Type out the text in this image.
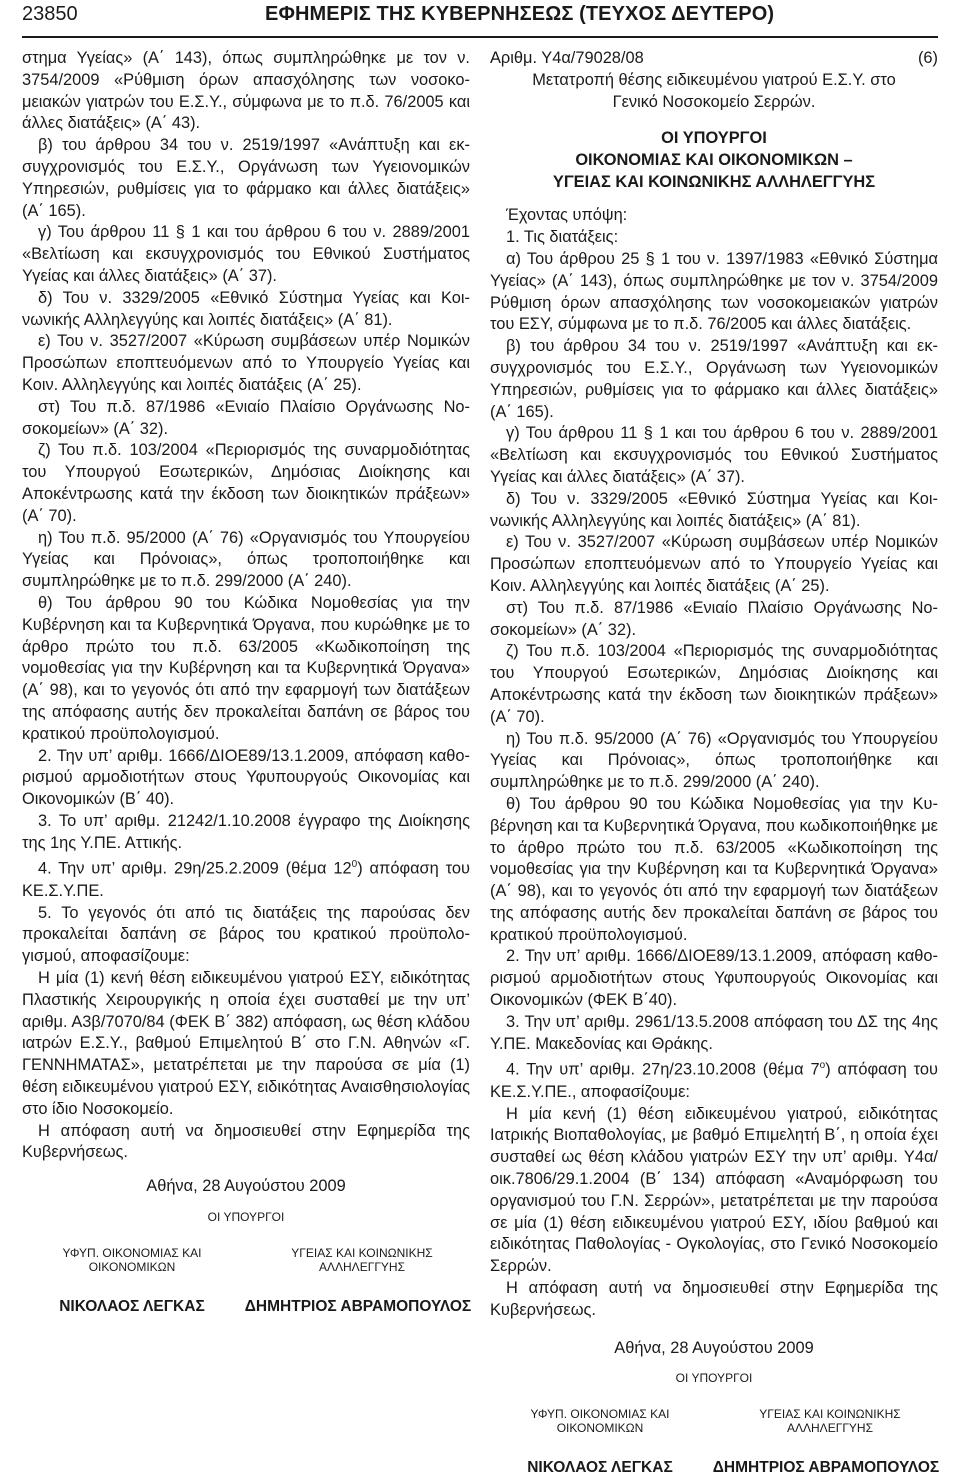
23850	ΕΦΗΜΕΡΙΣ ΤΗΣ ΚΥΒΕΡΝΗΣΕΩΣ (ΤΕΥΧΟΣ ΔΕΥΤΕΡΟ)

στημα Υγείας» (Α΄ 143), όπως συμπληρώθηκε με τον ν. 3754/2009 «Ρύθμιση όρων απασχόλησης των νοσοκομειακών γιατρών του Ε.Σ.Υ., σύμφωνα με το π.δ. 76/2005 και άλλες διατάξεις» (Α΄ 43).

β) του άρθρου 34 του ν. 2519/1997 «Ανάπτυξη και εκσυγχρονισμός του Ε.Σ.Υ., Οργάνωση των Υγειονομικών Υπηρεσιών, ρυθμίσεις για το φάρμακο και άλλες διατάξεις» (Α΄ 165).

γ) Του άρθρου 11 § 1 και του άρθρου 6 του ν. 2889/2001 «Βελτίωση και εκσυγχρονισμός του Εθνικού Συστήματος Υγείας και άλλες διατάξεις» (Α΄ 37).

δ) Του ν. 3329/2005 «Εθνικό Σύστημα Υγείας και Κοινωνικής Αλληλεγγύης και λοιπές διατάξεις» (Α΄ 81).

ε) Του ν. 3527/2007 «Κύρωση συμβάσεων υπέρ Νομικών Προσώπων εποπτευόμενων από το Υπουργείο Υγείας και Κοιν. Αλληλεγγύης και λοιπές διατάξεις (Α΄ 25).

στ) Του π.δ. 87/1986 «Ενιαίο Πλαίσιο Οργάνωσης Νοσοκομείων» (Α΄ 32).

ζ) Του π.δ. 103/2004 «Περιορισμός της συναρμοδιότητας του Υπουργού Εσωτερικών, Δημόσιας Διοίκησης και Αποκέντρωσης κατά την έκδοση των διοικητικών πράξεων» (Α΄ 70).

η) Του π.δ. 95/2000 (Α΄ 76) «Οργανισμός του Υπουργείου Υγείας και Πρόνοιας», όπως τροποποιήθηκε και συμπληρώθηκε με το π.δ. 299/2000 (Α΄ 240).

θ) Του άρθρου 90 του Κώδικα Νομοθεσίας για την Κυβέρνηση και τα Κυβερνητικά Όργανα, που κυρώθηκε με το άρθρο πρώτο του π.δ. 63/2005 «Κωδικοποίηση της νομοθεσίας για την Κυβέρνηση και τα Κυβερνητικά Όργανα» (Α΄ 98), και το γεγονός ότι από την εφαρμογή των διατάξεων της απόφασης αυτής δεν προκαλείται δαπάνη σε βάρος του κρατικού προϋπολογισμού.

2. Την υπ’ αριθμ. 1666/ΔΙΟΕ89/13.1.2009, απόφαση καθορισμού αρμοδιοτήτων στους Υφυπουργούς Οικονομίας και Οικονομικών (Β΄ 40).

3. Το υπ’ αριθμ. 21242/1.10.2008 έγγραφο της Διοίκησης της 1ης Υ.ΠΕ. Αττικής.

4. Την υπ’ αριθμ. 29η/25.2.2009 (θέμα $12^0$) απόφαση του ΚΕ.Σ.Υ.ΠΕ.

5. Το γεγονός ότι από τις διατάξεις της παρούσας δεν προκαλείται δαπάνη σε βάρος του κρατικού προϋπολογισμού, αποφασίζουμε:

Η μία (1) κενή θέση ειδικευμένου γιατρού ΕΣΥ, ειδικότητας Πλαστικής Χειρουργικής η οποία έχει συσταθεί με την υπ’ αριθμ. Α3β/7070/84 (ΦΕΚ Β΄ 382) απόφαση, ως θέση κλάδου ιατρών Ε.Σ.Υ., βαθμού Επιμελητού Β΄ στο Γ.Ν. Αθηνών «Γ. ΓΕΝΝΗΜΑΤΑΣ», μετατρέπεται με την παρούσα σε μία (1) θέση ειδικευμένου γιατρού ΕΣΥ, ειδικότητας Αναισθησιολογίας στο ίδιο Νοσοκομείο.

Η απόφαση αυτή να δημοσιευθεί στην Εφημερίδα της Κυβερνήσεως.

Αθήνα, 28 Αυγούστου 2009

ΟΙ ΥΠΟΥΡΓΟΙ
ΥΦΥΠ. ΟΙΚΟΝΟΜΙΑΣ ΚΑΙ
ΟΙΚΟΝΟΜΙΚΩΝ
ΥΓΕΙΑΣ ΚΑΙ ΚΟΙΝΩΝΙΚΗΣ
ΑΛΛΗΛΕΓΓΥΗΣ
ΝΙΚΟΛΑΟΣ ΛΕΓΚΑΣ	ΔΗΜΗΤΡΙΟΣ ΑΒΡΑΜΟΠΟΥΛΟΣ
Αριθμ. Υ4α/79028/08	(6)

Μετατροπή θέσης ειδικευμένου γιατρού Ε.Σ.Υ. στο Γενικό Νοσοκομείο Σερρών.

ΟΙ ΥΠΟΥΡΓΟΙ
ΟΙΚΟΝΟΜΙΑΣ ΚΑΙ ΟΙΚΟΝΟΜΙΚΩΝ –
ΥΓΕΙΑΣ ΚΑΙ ΚΟΙΝΩΝΙΚΗΣ ΑΛΛΗΛΕΓΓΥΗΣ

Έχοντας υπόψη:

1. Τις διατάξεις:

α) Του άρθρου 25 § 1 του ν. 1397/1983 «Εθνικό Σύστημα Υγείας» (Α΄ 143), όπως συμπληρώθηκε με τον ν. 3754/2009 Ρύθμιση όρων απασχόλησης των νοσοκομειακών γιατρών του ΕΣΥ, σύμφωνα με το π.δ. 76/2005 και άλλες διατάξεις.

β) του άρθρου 34 του ν. 2519/1997 «Ανάπτυξη και εκσυγχρονισμός του Ε.Σ.Υ., Οργάνωση των Υγειονομικών Υπηρεσιών, ρυθμίσεις για το φάρμακο και άλλες διατάξεις» (Α΄ 165).

γ) Του άρθρου 11 § 1 και του άρθρου 6 του ν. 2889/2001 «Βελτίωση και εκσυγχρονισμός του Εθνικού Συστήματος Υγείας και άλλες διατάξεις» (Α΄ 37).

δ) Του ν. 3329/2005 «Εθνικό Σύστημα Υγείας και Κοινωνικής Αλληλεγγύης και λοιπές διατάξεις» (Α΄ 81).

ε) Του ν. 3527/2007 «Κύρωση συμβάσεων υπέρ Νομικών Προσώπων εποπτευόμενων από το Υπουργείο Υγείας και Κοιν. Αλληλεγγύης και λοιπές διατάξεις (Α΄ 25).

στ) Του π.δ. 87/1986 «Ενιαίο Πλαίσιο Οργάνωσης Νοσοκομείων» (Α΄ 32).

ζ) Του π.δ. 103/2004 «Περιορισμός της συναρμοδιότητας του Υπουργού Εσωτερικών, Δημόσιας Διοίκησης και Αποκέντρωσης κατά την έκδοση των διοικητικών πράξεων» (Α΄ 70).

η) Του π.δ. 95/2000 (Α΄ 76) «Οργανισμός του Υπουργείου Υγείας και Πρόνοιας», όπως τροποποιήθηκε και συμπληρώθηκε με το π.δ. 299/2000 (Α΄ 240).

θ) Του άρθρου 90 του Κώδικα Νομοθεσίας για την Κυβέρνηση και τα Κυβερνητικά Όργανα, που κωδικοποιήθηκε με το άρθρο πρώτο του π.δ. 63/2005 «Κωδικοποίηση της νομοθεσίας για την Κυβέρνηση και τα Κυβερνητικά Όργανα» (Α΄ 98), και το γεγονός ότι από την εφαρμογή των διατάξεων της απόφασης αυτής δεν προκαλείται δαπάνη σε βάρος του κρατικού προϋπολογισμού.

2. Την υπ’ αριθμ. 1666/ΔΙΟΕ89/13.1.2009, απόφαση καθορισμού αρμοδιοτήτων στους Υφυπουργούς Οικονομίας και Οικονομικών (ΦΕΚ Β΄40).

3. Την υπ’ αριθμ. 2961/13.5.2008 απόφαση του ΔΣ της 4ης Υ.ΠΕ. Μακεδονίας και Θράκης.

4. Την υπ’ αριθμ. 27η/23.10.2008 (θέμα $7^o$) απόφαση του ΚΕ.Σ.Υ.ΠΕ., αποφασίζουμε:

Η μία κενή (1) θέση ειδικευμένου γιατρού, ειδικότητας Ιατρικής Βιοπαθολογίας, με βαθμό Επιμελητή Β΄, η οποία έχει συσταθεί ως θέση κλάδου γιατρών ΕΣΥ την υπ’ αριθμ. Υ4α/οικ.7806/29.1.2004 (Β΄ 134) απόφαση «Αναμόρφωση του οργανισμού του Γ.Ν. Σερρών», μετατρέπεται με την παρούσα σε μία (1) θέση ειδικευμένου γιατρού ΕΣΥ, ιδίου βαθμού και ειδικότητας Παθολογίας - Ογκολογίας, στο Γενικό Νοσοκομείο Σερρών.

Η απόφαση αυτή να δημοσιευθεί στην Εφημερίδα της Κυβερνήσεως.

Αθήνα, 28 Αυγούστου 2009

ΟΙ ΥΠΟΥΡΓΟΙ
ΥΦΥΠ. ΟΙΚΟΝΟΜΙΑΣ ΚΑΙ
ΟΙΚΟΝΟΜΙΚΩΝ
ΥΓΕΙΑΣ ΚΑΙ ΚΟΙΝΩΝΙΚΗΣ
ΑΛΛΗΛΕΓΓΥΗΣ
ΝΙΚΟΛΑΟΣ ΛΕΓΚΑΣ	ΔΗΜΗΤΡΙΟΣ ΑΒΡΑΜΟΠΟΥΛΟΣ
